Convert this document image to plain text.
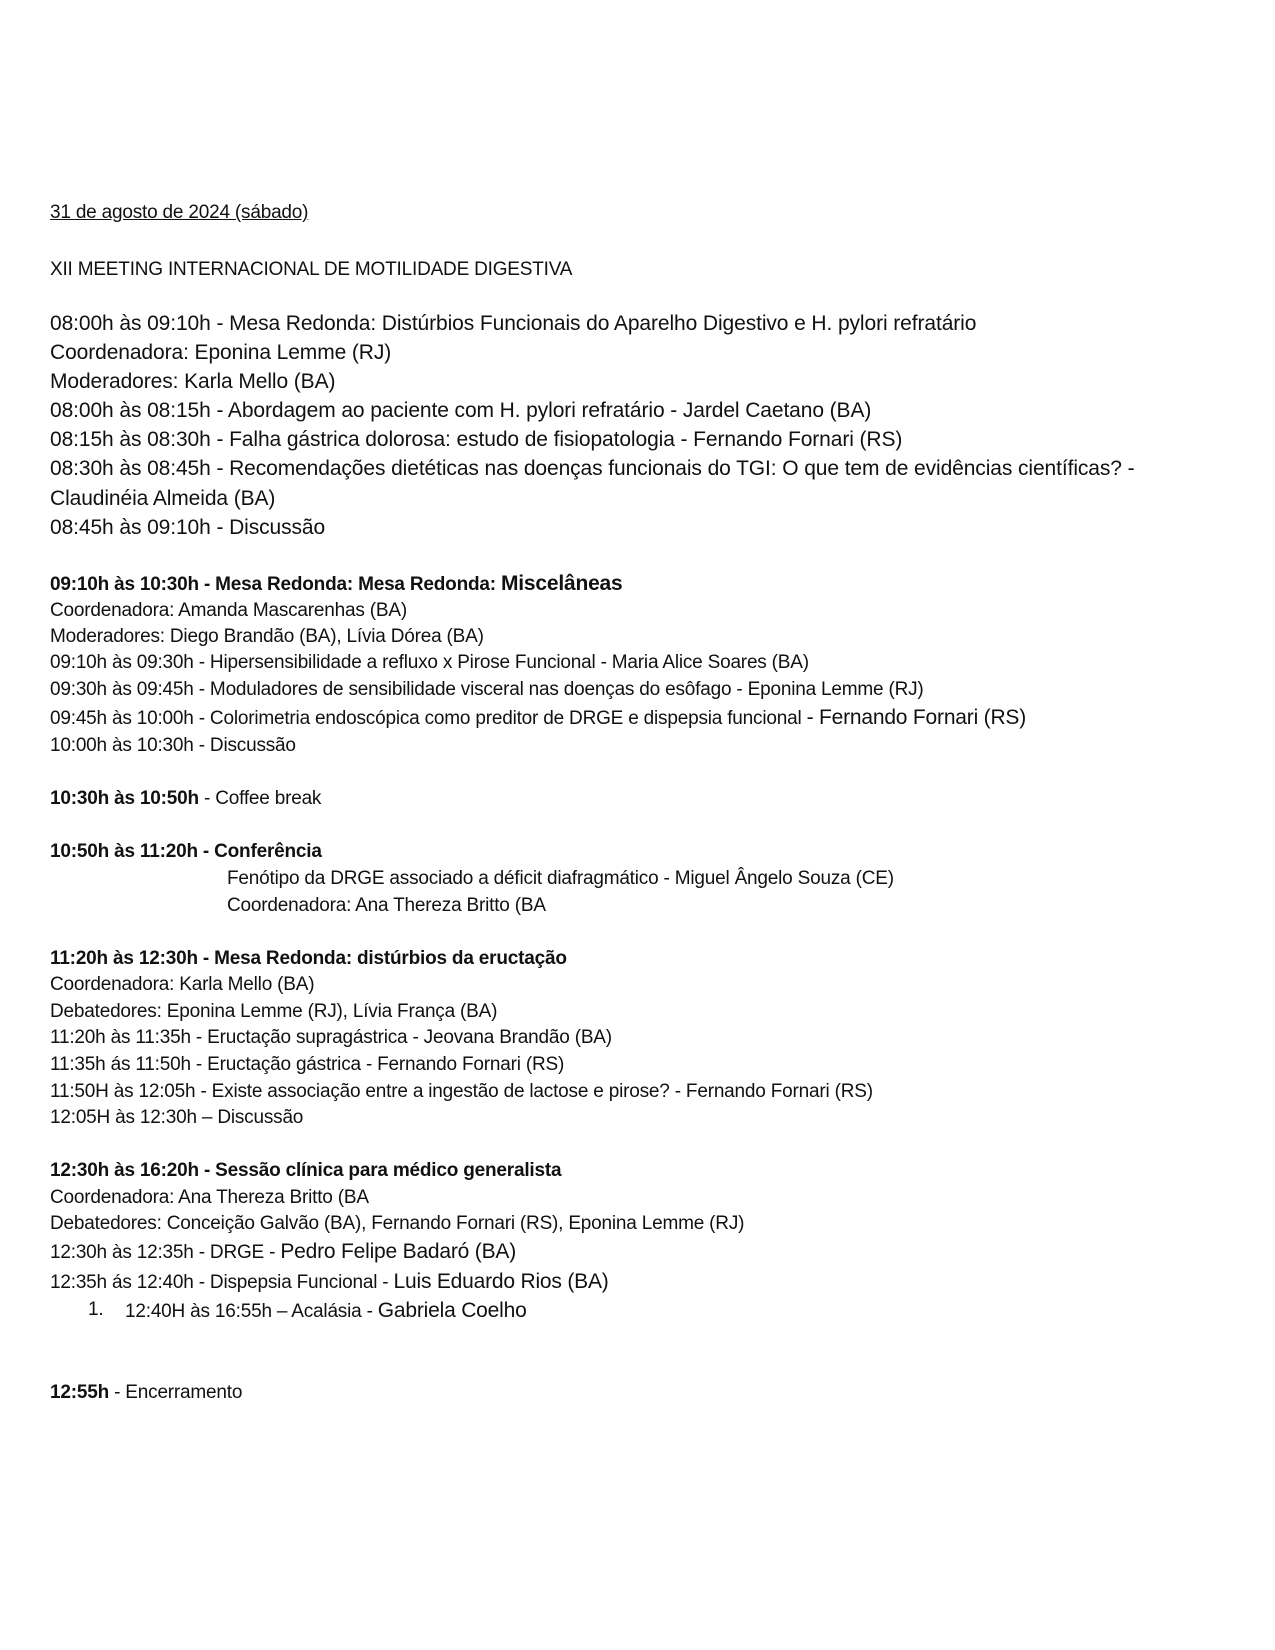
31 de agosto de 2024 (sábado)
XII MEETING INTERNACIONAL DE MOTILIDADE DIGESTIVA
08:00h às 09:10h - Mesa Redonda: Distúrbios Funcionais do Aparelho Digestivo e H. pylori refratário
Coordenadora: Eponina Lemme (RJ)
Moderadores: Karla Mello (BA)
08:00h às 08:15h - Abordagem ao paciente com H. pylori refratário - Jardel Caetano (BA)
08:15h às 08:30h - Falha gástrica dolorosa: estudo de fisiopatologia - Fernando Fornari (RS)
08:30h às 08:45h - Recomendações dietéticas nas doenças funcionais do TGI: O que tem de evidências científicas? - Claudinéia Almeida (BA)
08:45h às 09:10h - Discussão
09:10h às 10:30h - Mesa Redonda: Mesa Redonda: Miscelâneas
Coordenadora: Amanda Mascarenhas (BA)
Moderadores: Diego Brandão (BA), Lívia Dórea (BA)
09:10h às 09:30h - Hipersensibilidade a refluxo x Pirose Funcional - Maria Alice Soares (BA)
09:30h às 09:45h - Moduladores de sensibilidade visceral nas doenças do esôfago - Eponina Lemme (RJ)
09:45h às 10:00h - Colorimetria endoscópica como preditor de DRGE e dispepsia funcional - Fernando Fornari (RS)
10:00h às 10:30h - Discussão
10:30h às 10:50h - Coffee break
10:50h às 11:20h - Conferência
Fenótipo da DRGE associado a déficit diafragmático - Miguel Ângelo Souza (CE)
Coordenadora: Ana Thereza Britto (BA
11:20h às 12:30h - Mesa Redonda: distúrbios da eructação
Coordenadora: Karla Mello (BA)
Debatedores: Eponina Lemme (RJ), Lívia França (BA)
11:20h às 11:35h - Eructação supragástrica - Jeovana Brandão (BA)
11:35h ás 11:50h - Eructação gástrica - Fernando Fornari (RS)
11:50H às 12:05h - Existe associação entre a ingestão de lactose e pirose? - Fernando Fornari (RS)
12:05H às 12:30h – Discussão
12:30h às 16:20h - Sessão clínica para médico generalista
Coordenadora: Ana Thereza Britto (BA
Debatedores: Conceição Galvão (BA), Fernando Fornari (RS), Eponina Lemme (RJ)
12:30h às 12:35h - DRGE - Pedro Felipe Badaró (BA)
12:35h ás 12:40h - Dispepsia Funcional - Luis Eduardo Rios (BA)
1. 12:40H às 16:55h – Acalásia - Gabriela Coelho
12:55h - Encerramento
